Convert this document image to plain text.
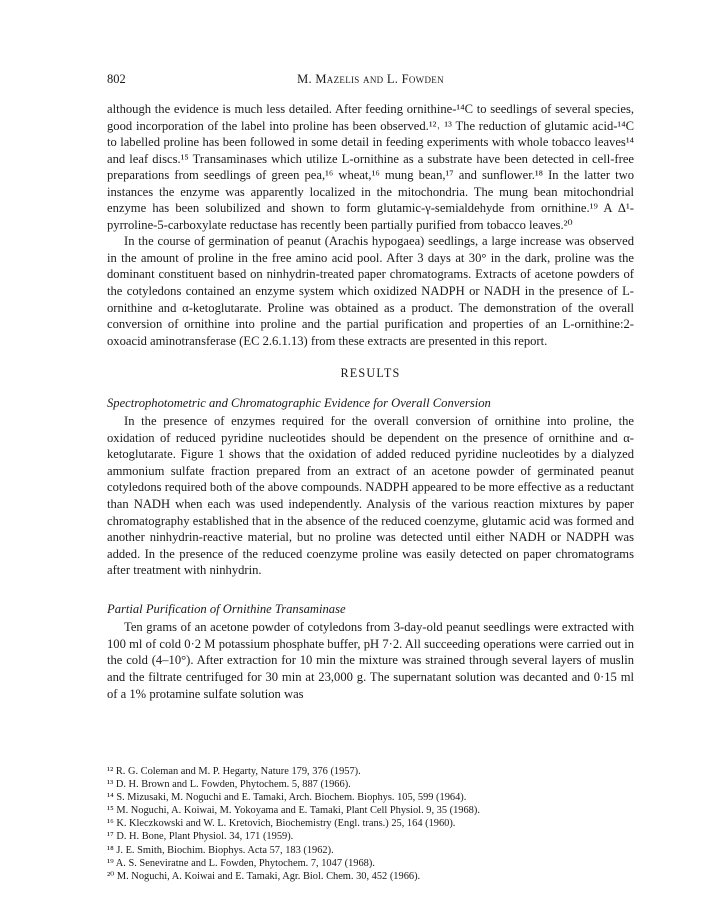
802	M. Mazelis and L. Fowden

although the evidence is much less detailed. After feeding ornithine-¹⁴C to seedlings of several species, good incorporation of the label into proline has been observed.¹²˒ ¹³ The reduction of glutamic acid-¹⁴C to labelled proline has been followed in some detail in feeding experiments with whole tobacco leaves¹⁴ and leaf discs.¹⁵ Transaminases which utilize L-ornithine as a substrate have been detected in cell-free preparations from seedlings of green pea,¹⁶ wheat,¹⁶ mung bean,¹⁷ and sunflower.¹⁸ In the latter two instances the enzyme was apparently localized in the mitochondria. The mung bean mitochondrial enzyme has been solubilized and shown to form glutamic-γ-semialdehyde from ornithine.¹⁹ A Δ¹-pyrroline-5-carboxylate reductase has recently been partially purified from tobacco leaves.²⁰

In the course of germination of peanut (Arachis hypogaea) seedlings, a large increase was observed in the amount of proline in the free amino acid pool. After 3 days at 30° in the dark, proline was the dominant constituent based on ninhydrin-treated paper chromatograms. Extracts of acetone powders of the cotyledons contained an enzyme system which oxidized NADPH or NADH in the presence of L-ornithine and α-ketoglutarate. Proline was obtained as a product. The demonstration of the overall conversion of ornithine into proline and the partial purification and properties of an L-ornithine:2-oxoacid aminotransferase (EC 2.6.1.13) from these extracts are presented in this report.

RESULTS

Spectrophotometric and Chromatographic Evidence for Overall Conversion

In the presence of enzymes required for the overall conversion of ornithine into proline, the oxidation of reduced pyridine nucleotides should be dependent on the presence of ornithine and α-ketoglutarate. Figure 1 shows that the oxidation of added reduced pyridine nucleotides by a dialyzed ammonium sulfate fraction prepared from an extract of an acetone powder of germinated peanut cotyledons required both of the above compounds. NADPH appeared to be more effective as a reductant than NADH when each was used independently. Analysis of the various reaction mixtures by paper chromatography established that in the absence of the reduced coenzyme, glutamic acid was formed and another ninhydrin-reactive material, but no proline was detected until either NADH or NADPH was added. In the presence of the reduced coenzyme proline was easily detected on paper chromatograms after treatment with ninhydrin.

Partial Purification of Ornithine Transaminase

Ten grams of an acetone powder of cotyledons from 3-day-old peanut seedlings were extracted with 100 ml of cold 0·2 M potassium phosphate buffer, pH 7·2. All succeeding operations were carried out in the cold (4–10°). After extraction for 10 min the mixture was strained through several layers of muslin and the filtrate centrifuged for 30 min at 23,000 g. The supernatant solution was decanted and 0·15 ml of a 1% protamine sulfate solution was

¹² R. G. Coleman and M. P. Hegarty, Nature 179, 376 (1957).

¹³ D. H. Brown and L. Fowden, Phytochem. 5, 887 (1966).

¹⁴ S. Mizusaki, M. Noguchi and E. Tamaki, Arch. Biochem. Biophys. 105, 599 (1964).

¹⁵ M. Noguchi, A. Koiwai, M. Yokoyama and E. Tamaki, Plant Cell Physiol. 9, 35 (1968).

¹⁶ K. Kleczkowski and W. L. Kretovich, Biochemistry (Engl. trans.) 25, 164 (1960).

¹⁷ D. H. Bone, Plant Physiol. 34, 171 (1959).

¹⁸ J. E. Smith, Biochim. Biophys. Acta 57, 183 (1962).

¹⁹ A. S. Seneviratne and L. Fowden, Phytochem. 7, 1047 (1968).

²⁰ M. Noguchi, A. Koiwai and E. Tamaki, Agr. Biol. Chem. 30, 452 (1966).
